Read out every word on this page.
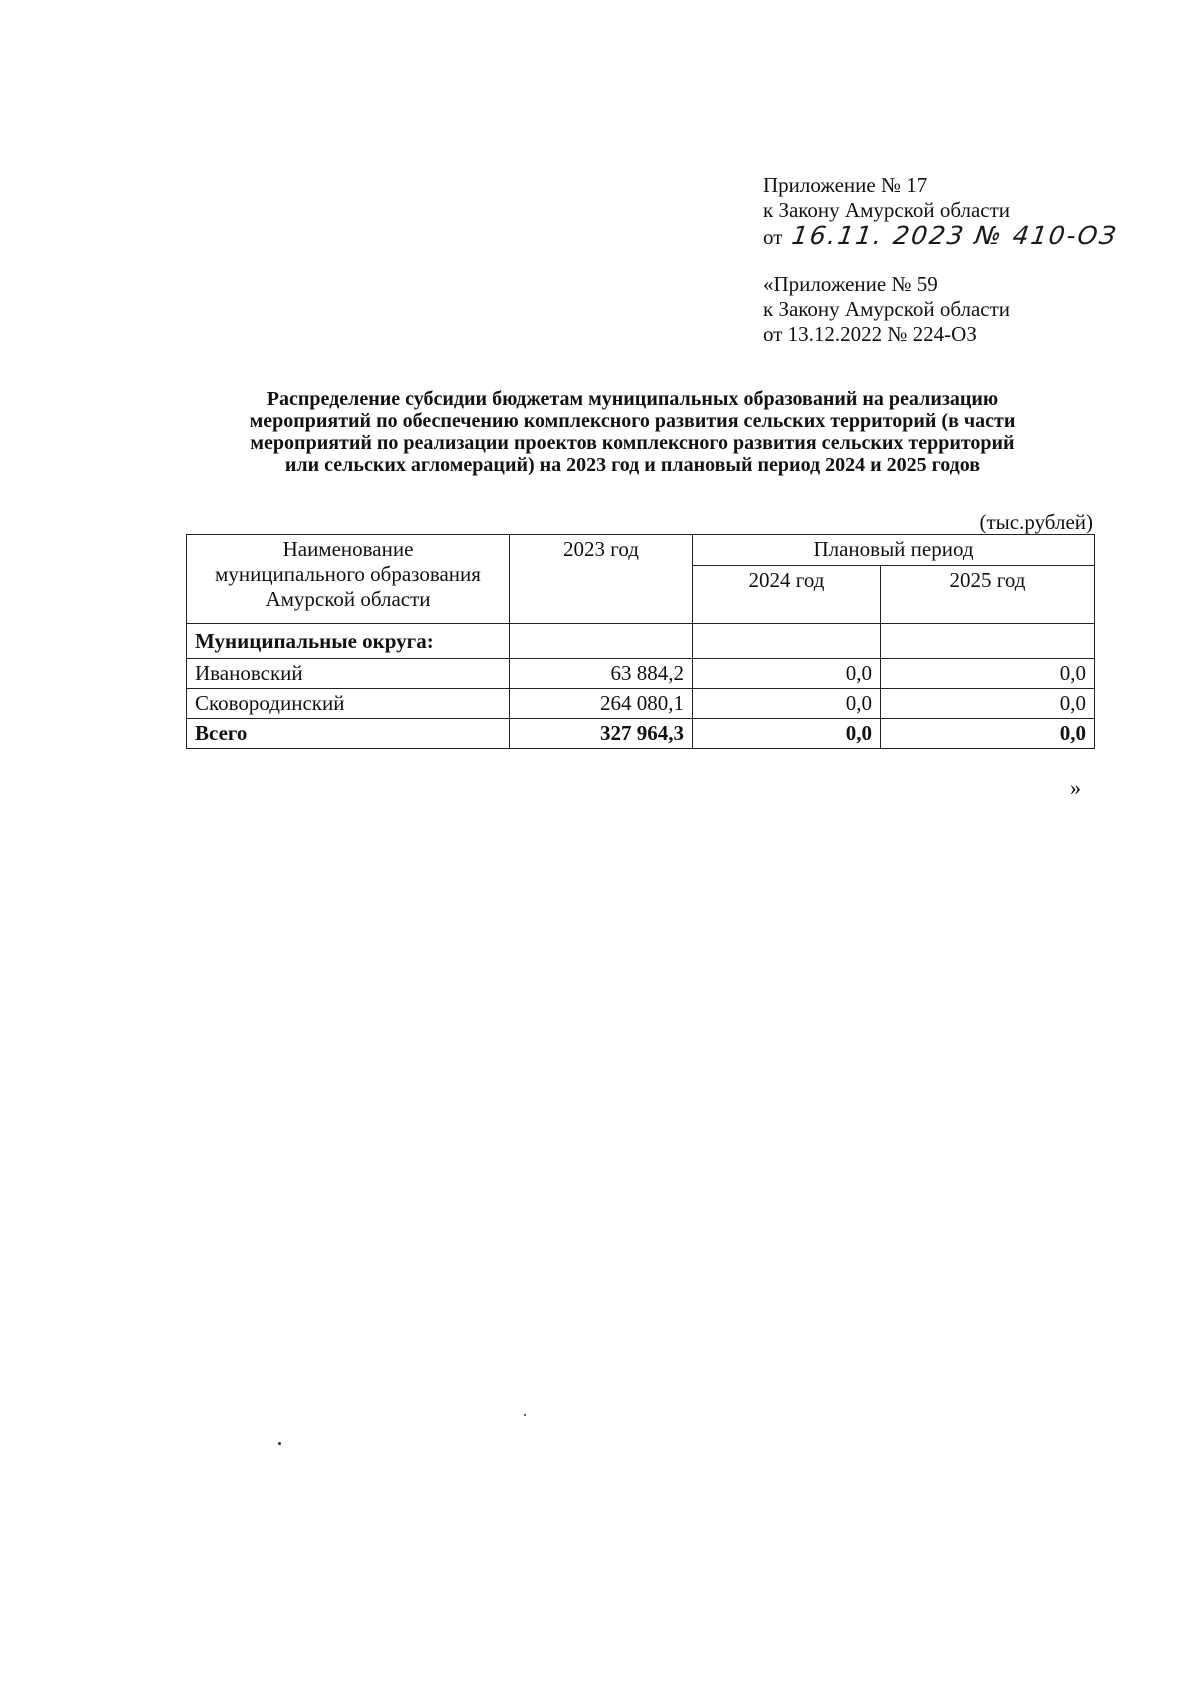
Приложение № 17
к Закону Амурской области
от 16.11. 2023 № 410-ОЗ
«Приложение № 59
к Закону Амурской области
от 13.12.2022 № 224-ОЗ
Распределение субсидии бюджетам муниципальных образований на реализацию
мероприятий по обеспечению комплексного развития сельских территорий (в части
мероприятий по реализации проектов комплексного развития сельских территорий
или сельских агломераций) на 2023 год и плановый период 2024 и 2025 годов
(тыс.рублей)
Наименование
муниципального образования
Амурской области	2023 год	Плановый период	
		2024 год	2025 год
Муниципальные округа:			
Ивановский	63 884,2	0,0	0,0
Сковородинский	264 080,1	0,0	0,0
Всего	327 964,3	0,0	0,0
»
